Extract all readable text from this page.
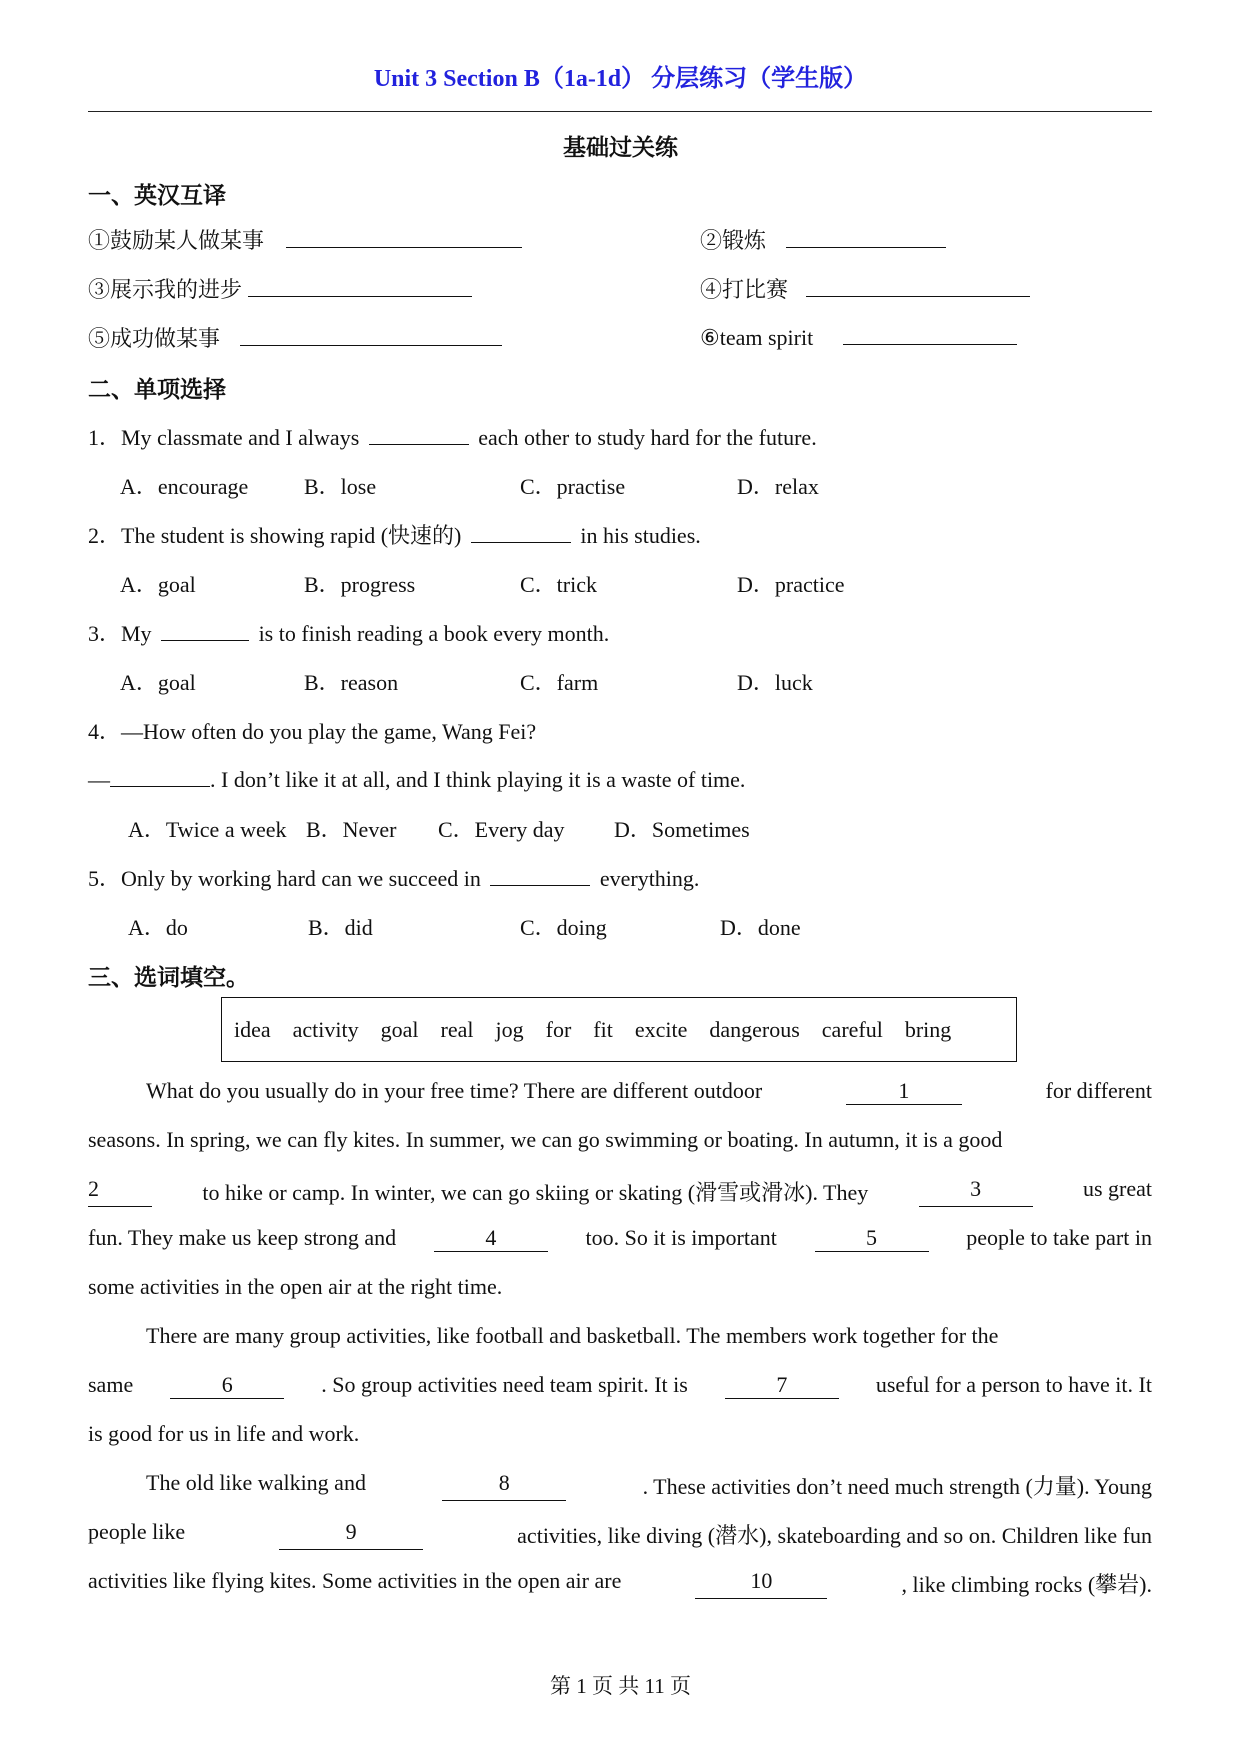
Unit 3 Section B（1a-1d） 分层练习（学生版）
基础过关练
一、英汉互译
①鼓励某人做某事	②锻炼
③展示我的进步	④打比赛
⑤成功做某事	⑥team spirit
二、单项选择
1．My classmate and I always	each other to study hard for the future.
A．encourage	B．lose	C．practise	D．relax
2．The student is showing rapid (快速的)	in his studies.
A．goal	B．progress	C．trick	D．practice
3．My	is to finish reading a book every month.
A．goal	B．reason	C．farm	D．luck
4．—How often do you play the game, Wang Fei?
—	. I don’t like it at all, and I think playing it is a waste of time.
A．Twice a week B．Never C．Every day D．Sometimes
5．Only by working hard can we succeed in	everything.
A．do	B．did	C．doing	D．done
三、选词填空。
idea activity goal real jog for fit excite dangerous careful bring
What do you usually do in your free time? There are different outdoor	1	for different
seasons. In spring, we can fly kites. In summer, we can go swimming or boating. In autumn, it is a good
2	to hike or camp. In winter, we can go skiing or skating (滑雪或滑冰). They	3	us great
fun. They make us keep strong and	4	too. So it is important	5	people to take part in
some activities in the open air at the right time.
There are many group activities, like football and basketball. The members work together for the
same	6	. So group activities need team spirit. It is	7	useful for a person to have it. It
is good for us in life and work.
The old like walking and	8	. These activities don’t need much strength (力量). Young
people like	9	activities, like diving (潜水), skateboarding and so on. Children like fun
activities like flying kites. Some activities in the open air are	10	, like climbing rocks (攀岩).
第 1 页 共 11 页
